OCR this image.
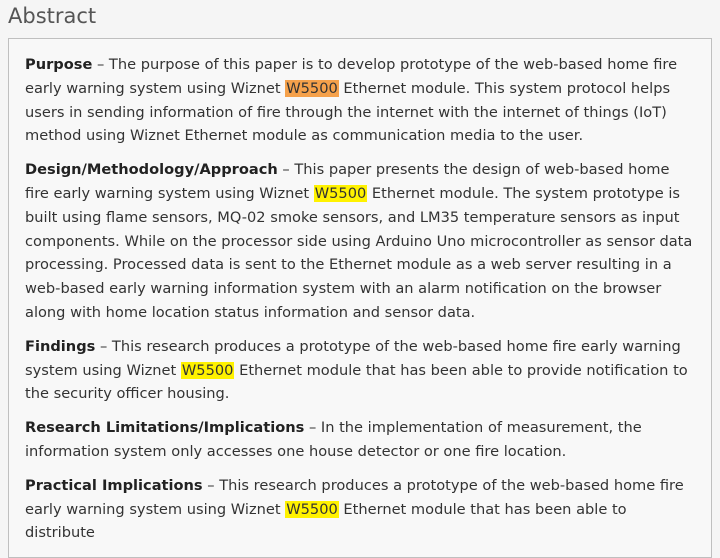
Abstract

Purpose – The purpose of this paper is to develop prototype of the web-based home fire early warning system using Wiznet W5500 Ethernet module. This system protocol helps users in sending information of fire through the internet with the internet of things (IoT) method using Wiznet Ethernet module as communication media to the user.

Design/Methodology/Approach – This paper presents the design of web-based home fire early warning system using Wiznet W5500 Ethernet module. The system prototype is built using flame sensors, MQ-02 smoke sensors, and LM35 temperature sensors as input components. While on the processor side using Arduino Uno microcontroller as sensor data processing. Processed data is sent to the Ethernet module as a web server resulting in a web-based early warning information system with an alarm notification on the browser along with home location status information and sensor data.

Findings – This research produces a prototype of the web-based home fire early warning system using Wiznet W5500 Ethernet module that has been able to provide notification to the security officer housing.

Research Limitations/Implications – In the implementation of measurement, the information system only accesses one house detector or one fire location.

Practical Implications – This research produces a prototype of the web-based home fire early warning system using Wiznet W5500 Ethernet module that has been able to distribute
